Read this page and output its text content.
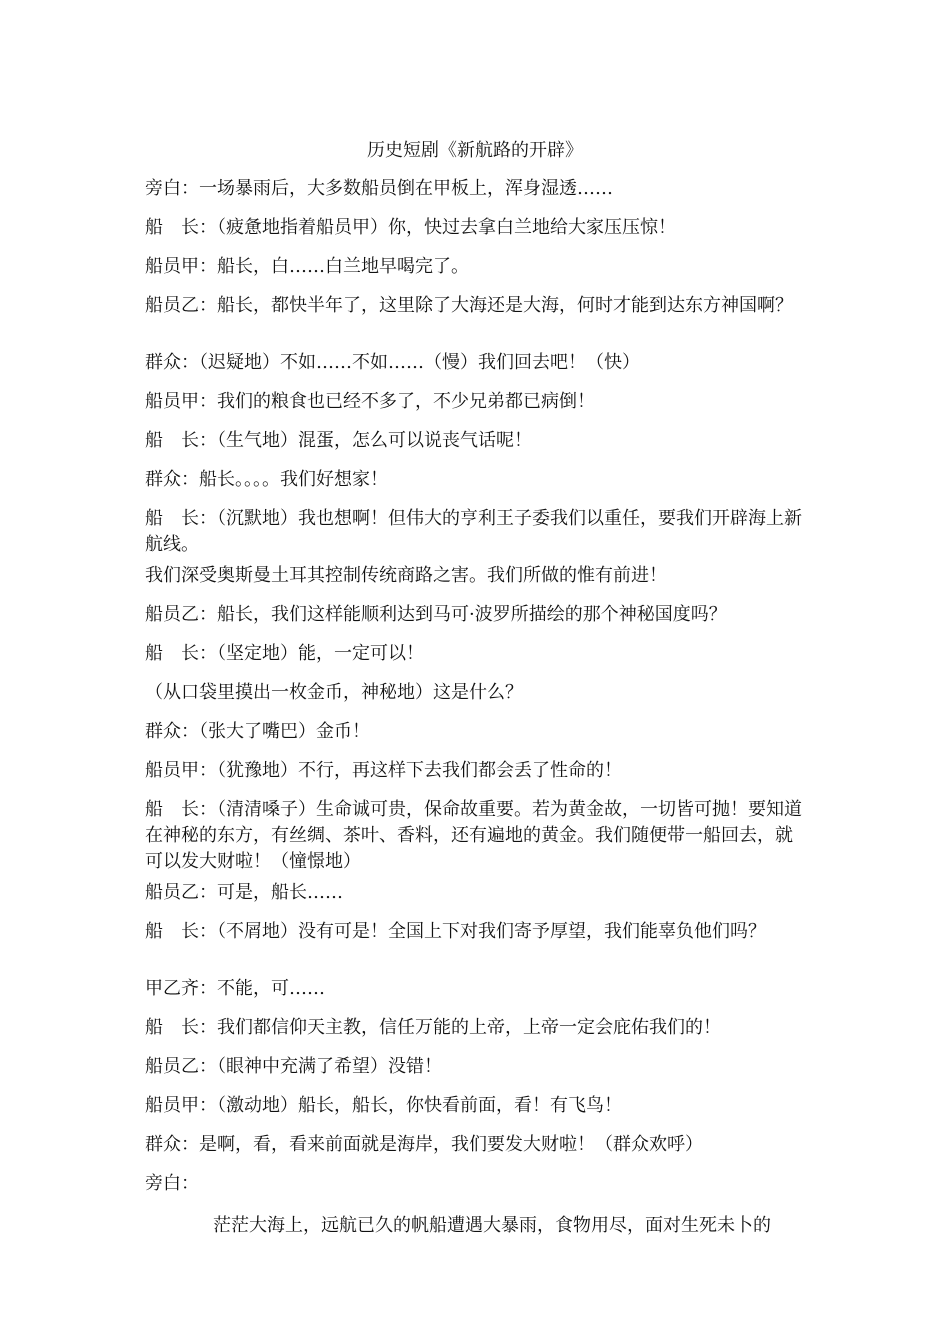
历史短剧《新航路的开辟》
旁白：一场暴雨后，大多数船员倒在甲板上，浑身湿透……
船　长：（疲惫地指着船员甲）你，快过去拿白兰地给大家压压惊！
船员甲：船长，白……白兰地早喝完了。
船员乙：船长，都快半年了，这里除了大海还是大海，何时才能到达东方神国啊？
群众：（迟疑地）不如……不如……（慢）我们回去吧！（快）
船员甲：我们的粮食也已经不多了，不少兄弟都已病倒！
船　长：（生气地）混蛋，怎么可以说丧气话呢！
群众：船长。。。。我们好想家！
船　长：（沉默地）我也想啊！但伟大的亨利王子委我们以重任，要我们开辟海上新航线。
我们深受奥斯曼土耳其控制传统商路之害。我们所做的惟有前进！
船员乙：船长，我们这样能顺利达到马可·波罗所描绘的那个神秘国度吗？
船　长：（坚定地）能，一定可以！
（从口袋里摸出一枚金币，神秘地）这是什么？
群众：（张大了嘴巴）金币！
船员甲：（犹豫地）不行，再这样下去我们都会丢了性命的！
船　长：（清清嗓子）生命诚可贵，保命故重要。若为黄金故，一切皆可抛！要知道在神秘的东方，有丝绸、茶叶、香料，还有遍地的黄金。我们随便带一船回去，就可以发大财啦！（憧憬地）
船员乙：可是，船长……
船　长：（不屑地）没有可是！全国上下对我们寄予厚望，我们能辜负他们吗？
甲乙齐：不能，可……
船　长：我们都信仰天主教，信任万能的上帝，上帝一定会庇佑我们的！
船员乙：（眼神中充满了希望）没错！
船员甲：（激动地）船长，船长，你快看前面，看！有飞鸟！
群众：是啊，看，看来前面就是海岸，我们要发大财啦！（群众欢呼）
旁白：
茫茫大海上，远航已久的帆船遭遇大暴雨，食物用尽，面对生死未卜的
